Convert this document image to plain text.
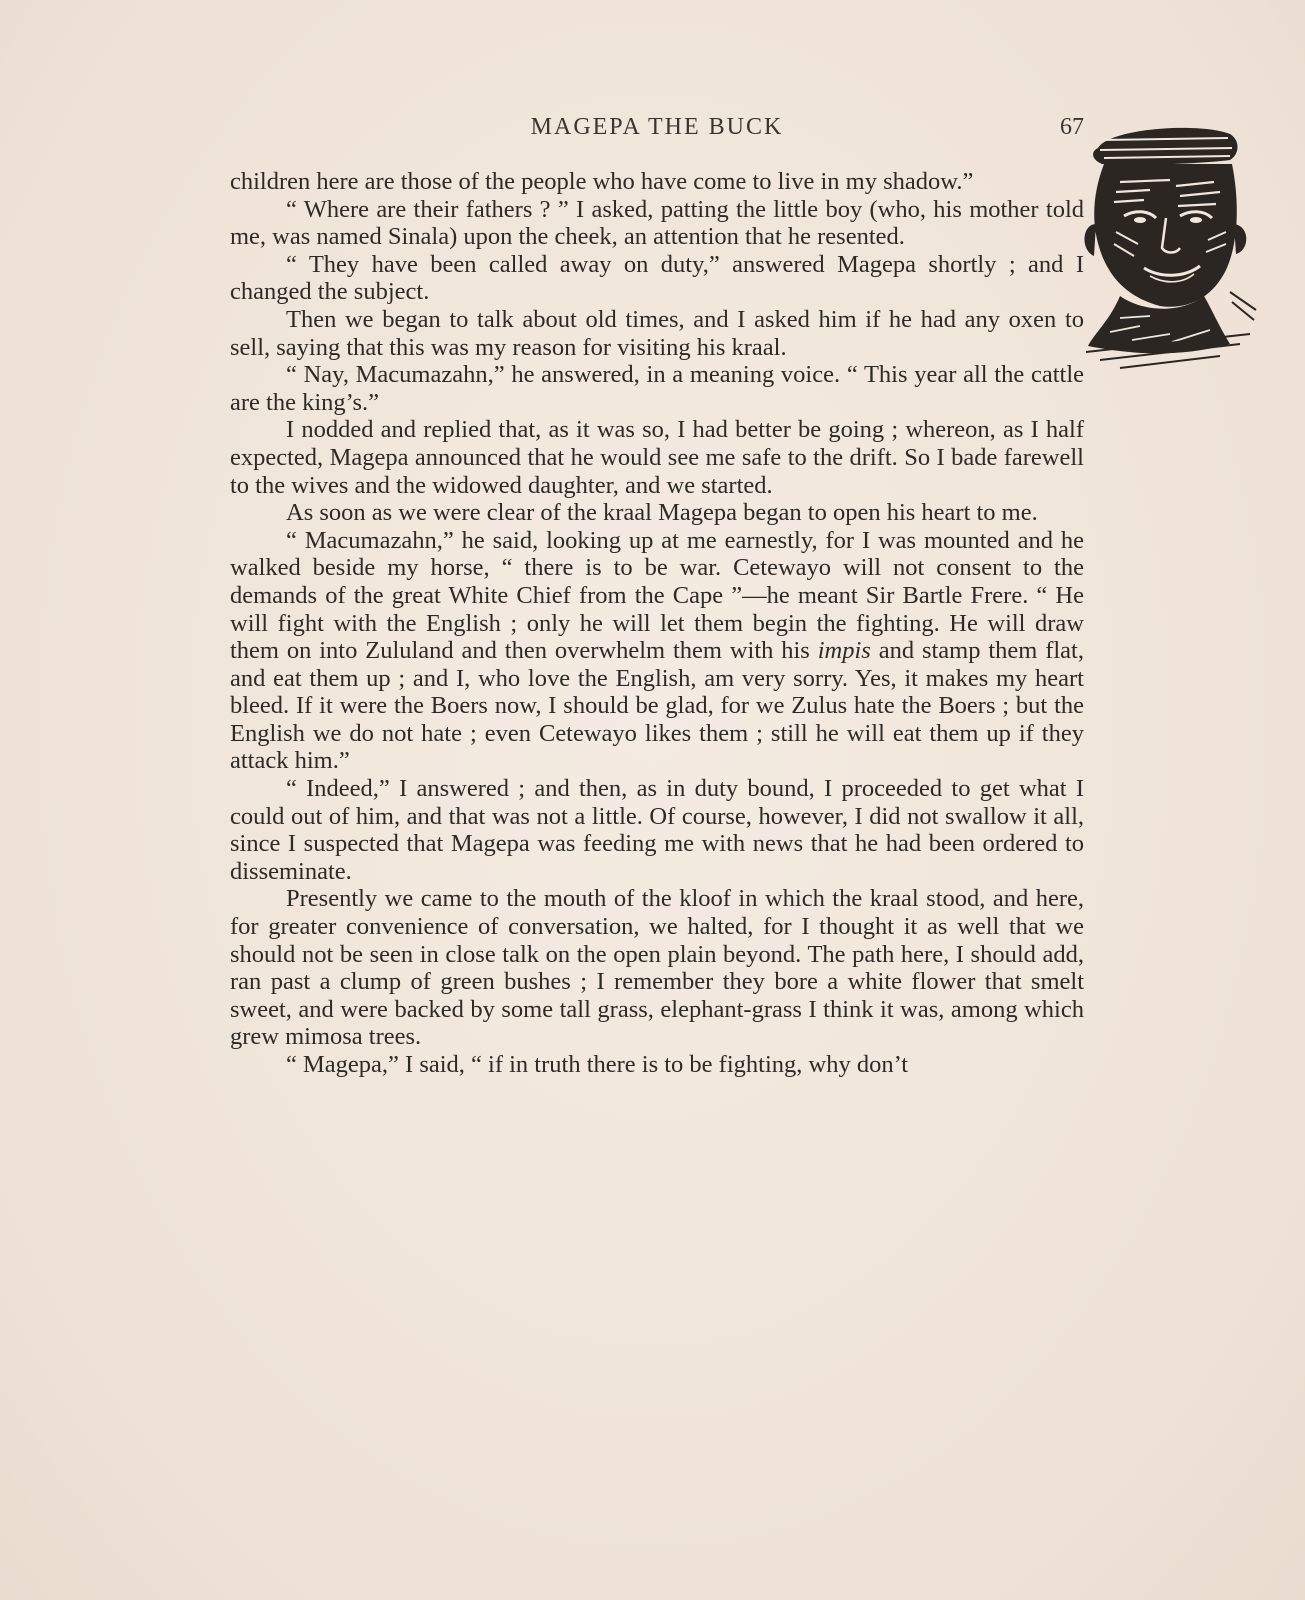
MAGEPA THE BUCK	67

children here are those of the people who have come to live in my shadow.”

“ Where are their fathers ? ” I asked, patting the little boy (who, his mother told me, was named Sinala) upon the cheek, an attention that he resented.

“ They have been called away on duty,” answered Magepa shortly ; and I changed the subject.

Then we began to talk about old times, and I asked him if he had any oxen to sell, saying that this was my reason for visiting his kraal.

“ Nay, Macumazahn,” he answered, in a meaning voice. “ This year all the cattle are the king’s.”

I nodded and replied that, as it was so, I had better be going ; whereon, as I half expected, Magepa announced that he would see me safe to the drift. So I bade farewell to the wives and the widowed daughter, and we started.

As soon as we were clear of the kraal Magepa began to open his heart to me.

“ Macumazahn,” he said, looking up at me earnestly, for I was mounted and he walked beside my horse, “ there is to be war. Cetewayo will not consent to the demands of the great White Chief from the Cape ”—he meant Sir Bartle Frere. “ He will fight with the English ; only he will let them begin the fighting. He will draw them on into Zululand and then overwhelm them with his impis and stamp them flat, and eat them up ; and I, who love the English, am very sorry. Yes, it makes my heart bleed. If it were the Boers now, I should be glad, for we Zulus hate the Boers ; but the English we do not hate ; even Cetewayo likes them ; still he will eat them up if they attack him.”

“ Indeed,” I answered ; and then, as in duty bound, I proceeded to get what I could out of him, and that was not a little. Of course, however, I did not swallow it all, since I suspected that Magepa was feeding me with news that he had been ordered to disseminate.

Presently we came to the mouth of the kloof in which the kraal stood, and here, for greater convenience of conversation, we halted, for I thought it as well that we should not be seen in close talk on the open plain beyond. The path here, I should add, ran past a clump of green bushes ; I remember they bore a white flower that smelt sweet, and were backed by some tall grass, elephant-grass I think it was, among which grew mimosa trees.

“ Magepa,” I said, “ if in truth there is to be fighting, why don’t
